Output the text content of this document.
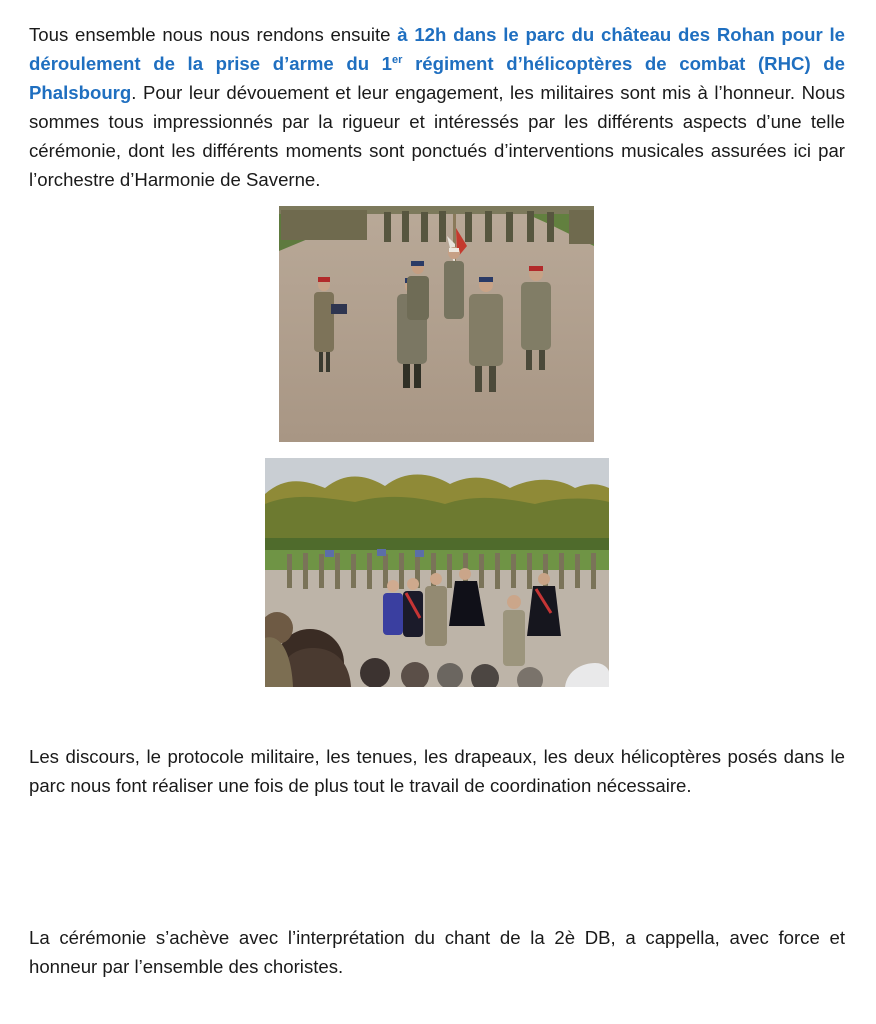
Tous ensemble nous nous rendons ensuite à 12h dans le parc du château des Rohan pour le déroulement de la prise d’arme du 1er régiment d’hélicoptères de combat (RHC) de Phalsbourg. Pour leur dévouement et leur engagement, les militaires sont mis à l’honneur. Nous sommes tous impressionnés par la rigueur et intéressés par les différents aspects d’une telle cérémonie, dont les différents moments sont ponctués d’interventions musicales assurées ici par l’orchestre d’Harmonie de Saverne.

Les discours, le protocole militaire, les tenues, les drapeaux, les deux hélicoptères posés dans le parc nous font réaliser une fois de plus tout le travail de coordination nécessaire.

La cérémonie s’achève avec l’interprétation du chant de la 2è DB, a cappella, avec force et honneur par l’ensemble des choristes.
